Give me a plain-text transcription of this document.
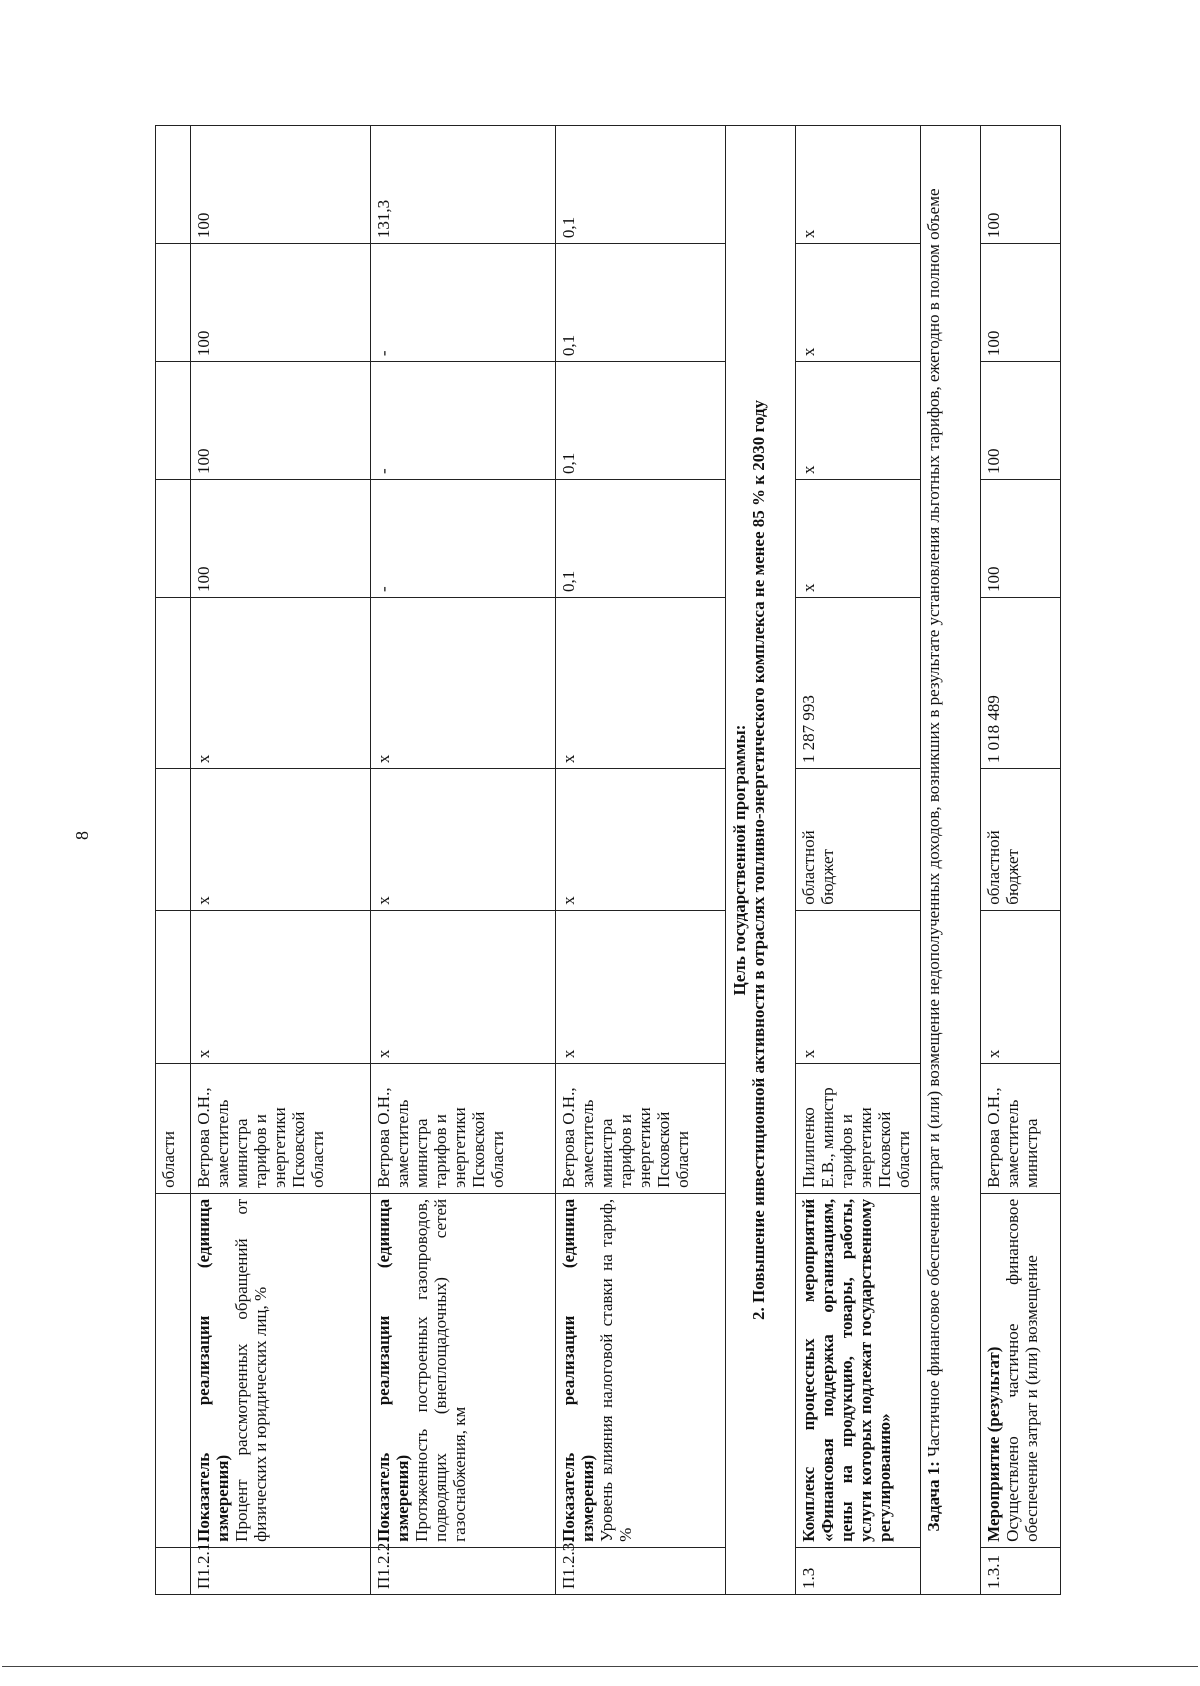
8
		области							
П1.2.1.	Показатель реализации (единица измерения) Процент рассмотренных обращений от физических и юридических лиц, %	Ветрова О.Н., заместитель министра тарифов и энергетики Псковской области	х	х	х	100	100	100	100
П1.2.2.	Показатель реализации (единица измерения) Протяженность построенных газопроводов, подводящих (внеплощадочных) сетей газоснабжения, км	Ветрова О.Н., заместитель министра тарифов и энергетики Псковской области	х	х	х	-	-	-	131,3
П1.2.3.	Показатель реализации (единица измерения) Уровень влияния налоговой ставки на тариф, %	Ветрова О.Н., заместитель министра тарифов и энергетики Псковской области	х	х	х	0,1	0,1	0,1	0,1

Цель государственной программы: 2. Повышение инвестиционной активности в отраслях топливно-энергетического комплекса не менее 85 % к 2030 году									

1.3	Комплекс процессных мероприятий «Финансовая поддержка организациям, цены на продукцию, товары, работы, услуги которых подлежат государственному регулированию»	Пилипенко Е.В., министр тарифов и энергетики Псковской области	х	областной бюджет	1 287 993	х	х	х	х
Задача 1: Частичное финансовое обеспечение затрат и (или) возмещение недополученных доходов, возникших в результате установления льготных тарифов, ежегодно в полном объеме									
1.3.1	Мероприятие (результат) Осуществлено частичное финансовое обеспечение затрат и (или) возмещение	Ветрова О.Н., заместитель министра	х	областной бюджет	1 018 489	100	100	100	100
